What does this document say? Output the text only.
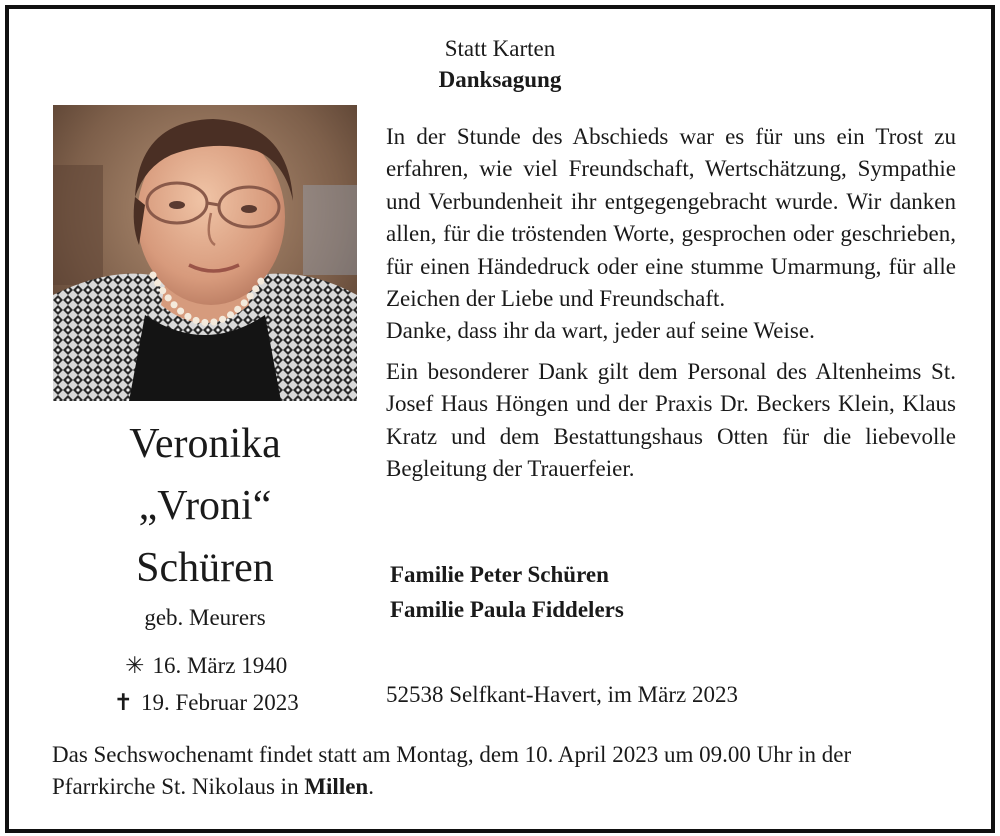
Statt Karten
Danksagung
Veronika
„Vroni“
Schüren
geb. Meurers
✳ 16. März 1940
✝ 19. Februar 2023
In der Stunde des Abschieds war es für uns ein Trost zu erfahren, wie viel Freundschaft, Wertschätzung, Sympathie und Verbundenheit ihr entgegengebracht wurde. Wir danken allen, für die tröstenden Worte, gesprochen oder geschrieben, für einen Händedruck oder eine stumme Umarmung, für alle Zeichen der Liebe und Freundschaft.
Danke, dass ihr da wart, jeder auf seine Weise.
Ein besonderer Dank gilt dem Personal des Altenheims St. Josef Haus Höngen und der Praxis Dr. Beckers Klein, Klaus Kratz und dem Bestattungshaus Otten für die liebevolle Begleitung der Trauerfeier.
Familie Peter Schüren
Familie Paula Fiddelers
52538 Selfkant-Havert, im März 2023
Das Sechswochenamt findet statt am Montag, dem 10. April 2023 um 09.00 Uhr in der Pfarrkirche St. Nikolaus in Millen.
